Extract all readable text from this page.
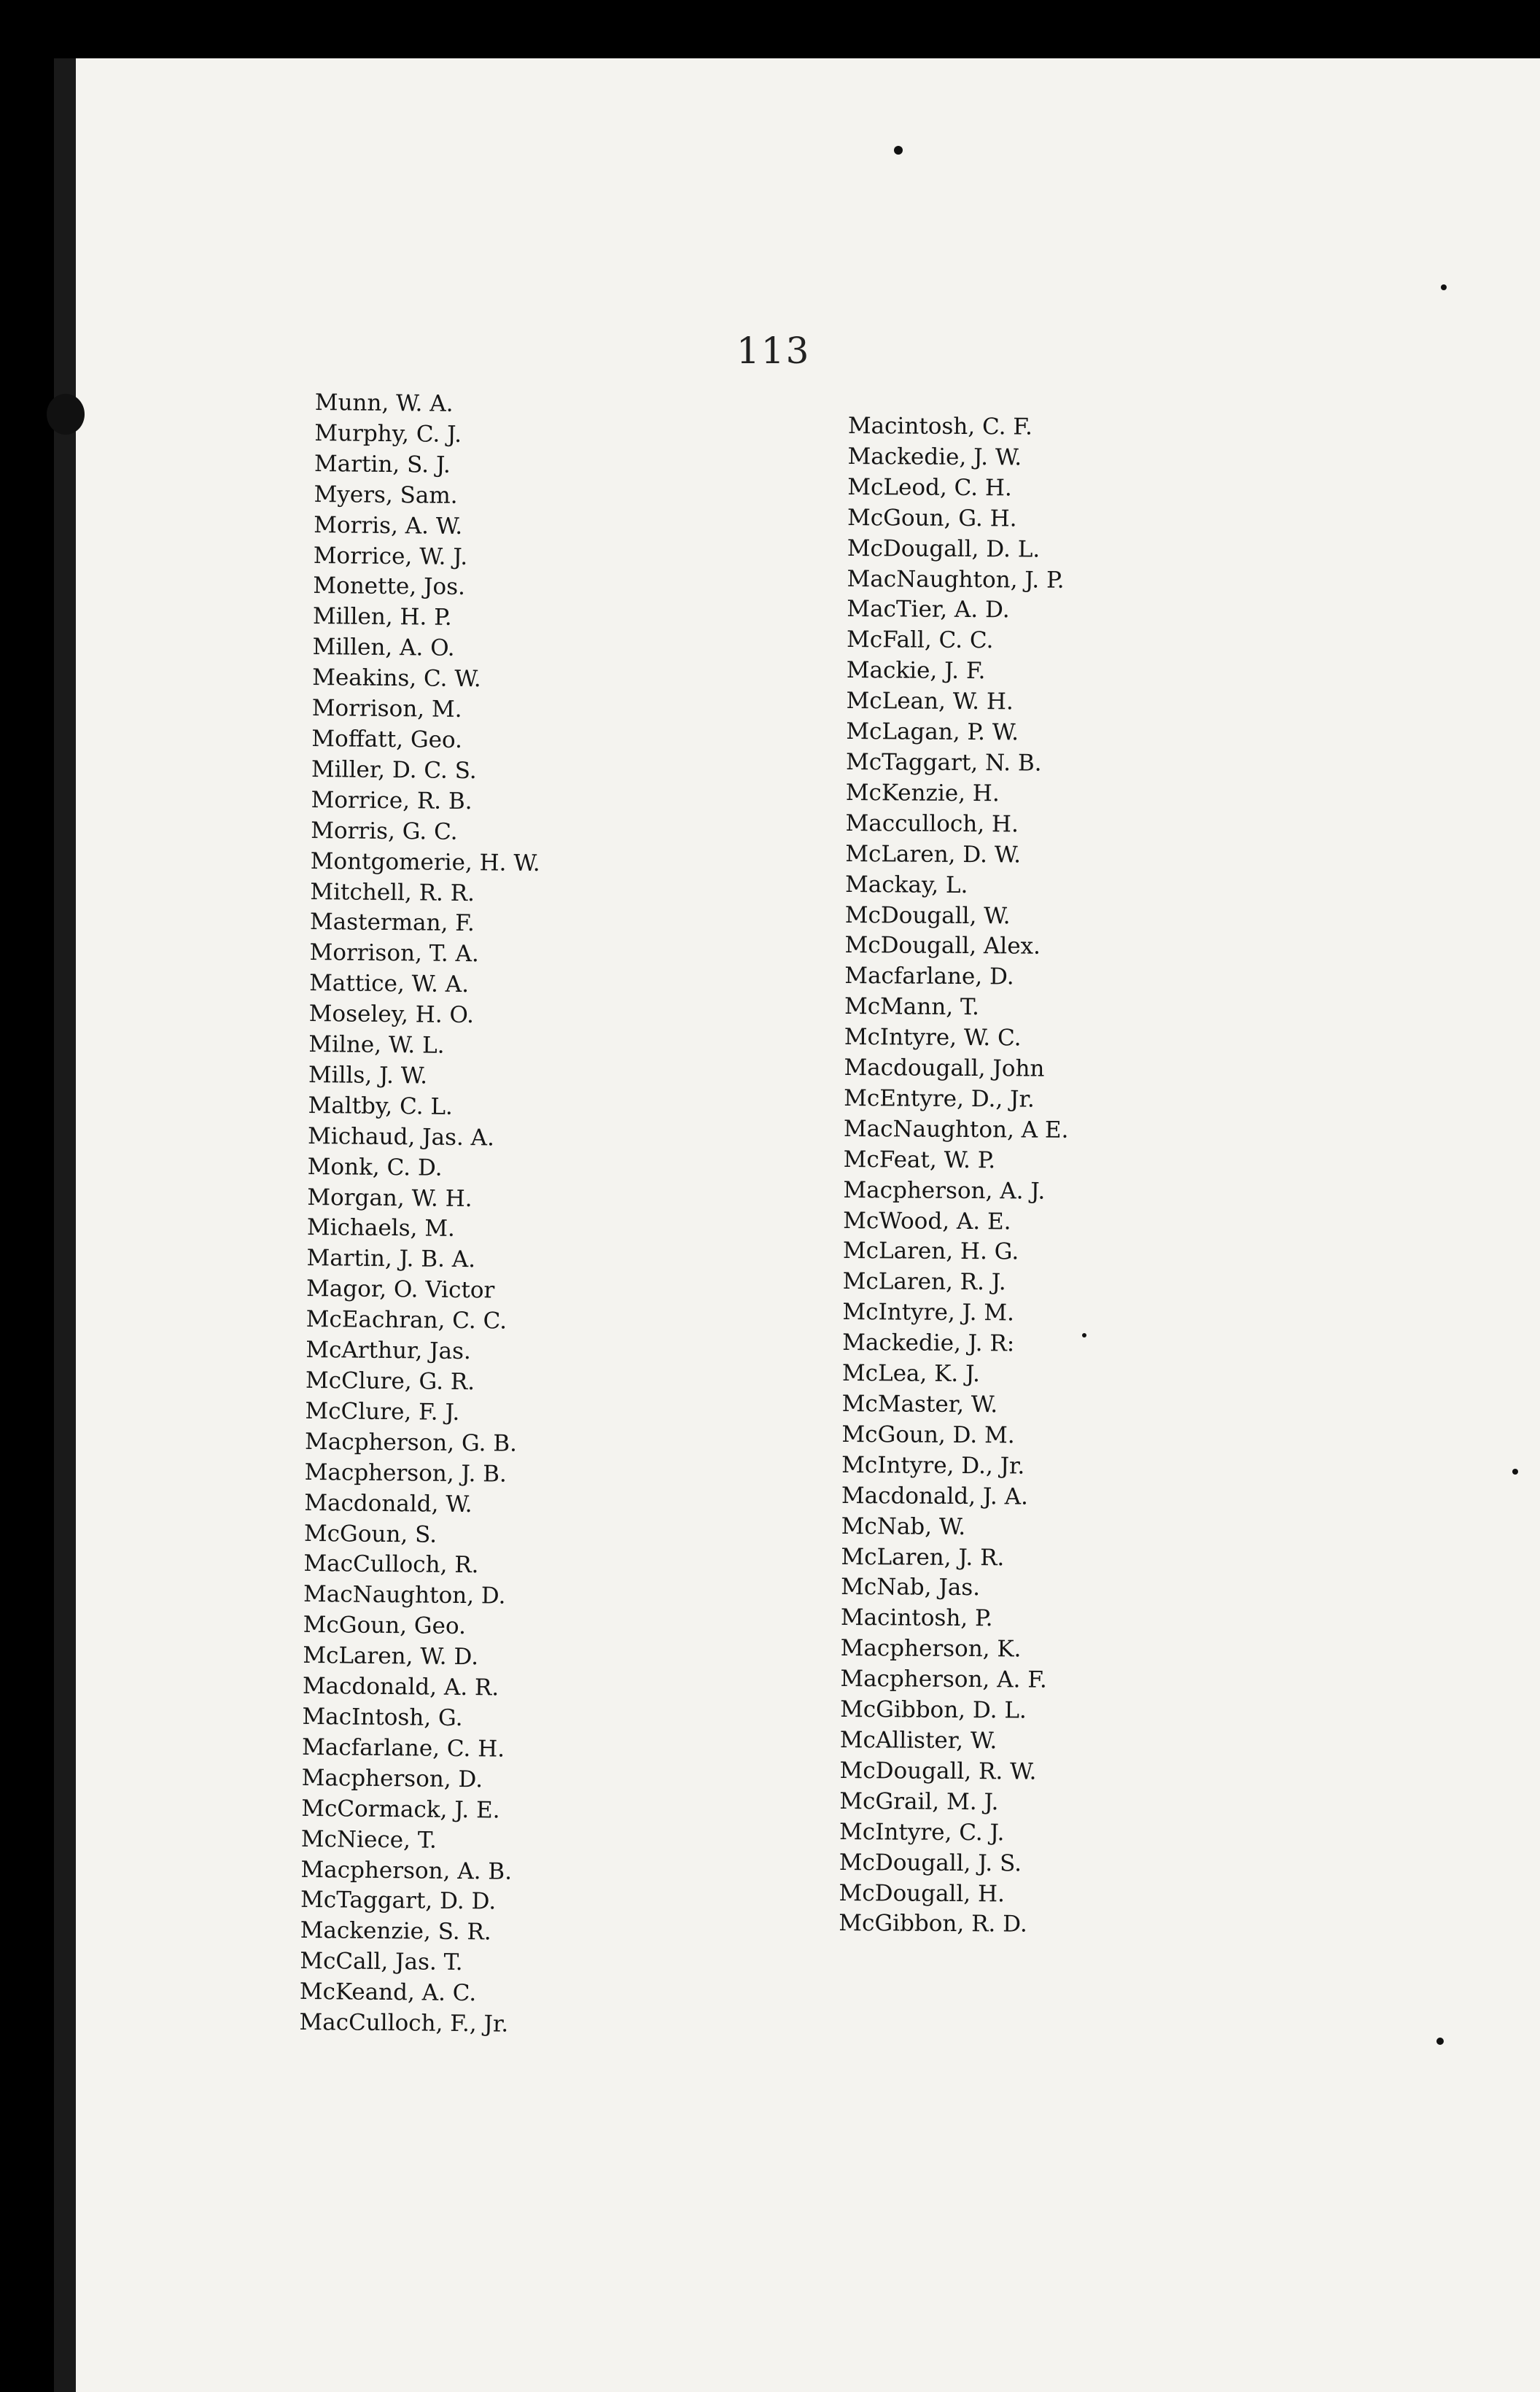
113
Munn, W. A.
Murphy, C. J.
Martin, S. J.
Myers, Sam.
Morris, A. W.
Morrice, W. J.
Monette, Jos.
Millen, H. P.
Millen, A. O.
Meakins, C. W.
Morrison, M.
Moffatt, Geo.
Miller, D. C. S.
Morrice, R. B.
Morris, G. C.
Montgomerie, H. W.
Mitchell, R. R.
Masterman, F.
Morrison, T. A.
Mattice, W. A.
Moseley, H. O.
Milne, W. L.
Mills, J. W.
Maltby, C. L.
Michaud, Jas. A.
Monk, C. D.
Morgan, W. H.
Michaels, M.
Martin, J. B. A.
Magor, O. Victor
McEachran, C. C.
McArthur, Jas.
McClure, G. R.
McClure, F. J.
Macpherson, G. B.
Macpherson, J. B.
Macdonald, W.
McGoun, S.
MacCulloch, R.
MacNaughton, D.
McGoun, Geo.
McLaren, W. D.
Macdonald, A. R.
MacIntosh, G.
Macfarlane, C. H.
Macpherson, D.
McCormack, J. E.
McNiece, T.
Macpherson, A. B.
McTaggart, D. D.
Mackenzie, S. R.
McCall, Jas. T.
McKeand, A. C.
MacCulloch, F., Jr.
Macintosh, C. F.
Mackedie, J. W.
McLeod, C. H.
McGoun, G. H.
McDougall, D. L.
MacNaughton, J. P.
MacTier, A. D.
McFall, C. C.
Mackie, J. F.
McLean, W. H.
McLagan, P. W.
McTaggart, N. B.
McKenzie, H.
Macculloch, H.
McLaren, D. W.
Mackay, L.
McDougall, W.
McDougall, Alex.
Macfarlane, D.
McMann, T.
McIntyre, W. C.
Macdougall, John
McEntyre, D., Jr.
MacNaughton, A E.
McFeat, W. P.
Macpherson, A. J.
McWood, A. E.
McLaren, H. G.
McLaren, R. J.
McIntyre, J. M.
Mackedie, J. R:
McLea, K. J.
McMaster, W.
McGoun, D. M.
McIntyre, D., Jr.
Macdonald, J. A.
McNab, W.
McLaren, J. R.
McNab, Jas.
Macintosh, P.
Macpherson, K.
Macpherson, A. F.
McGibbon, D. L.
McAllister, W.
McDougall, R. W.
McGrail, M. J.
McIntyre, C. J.
McDougall, J. S.
McDougall, H.
McGibbon, R. D.
